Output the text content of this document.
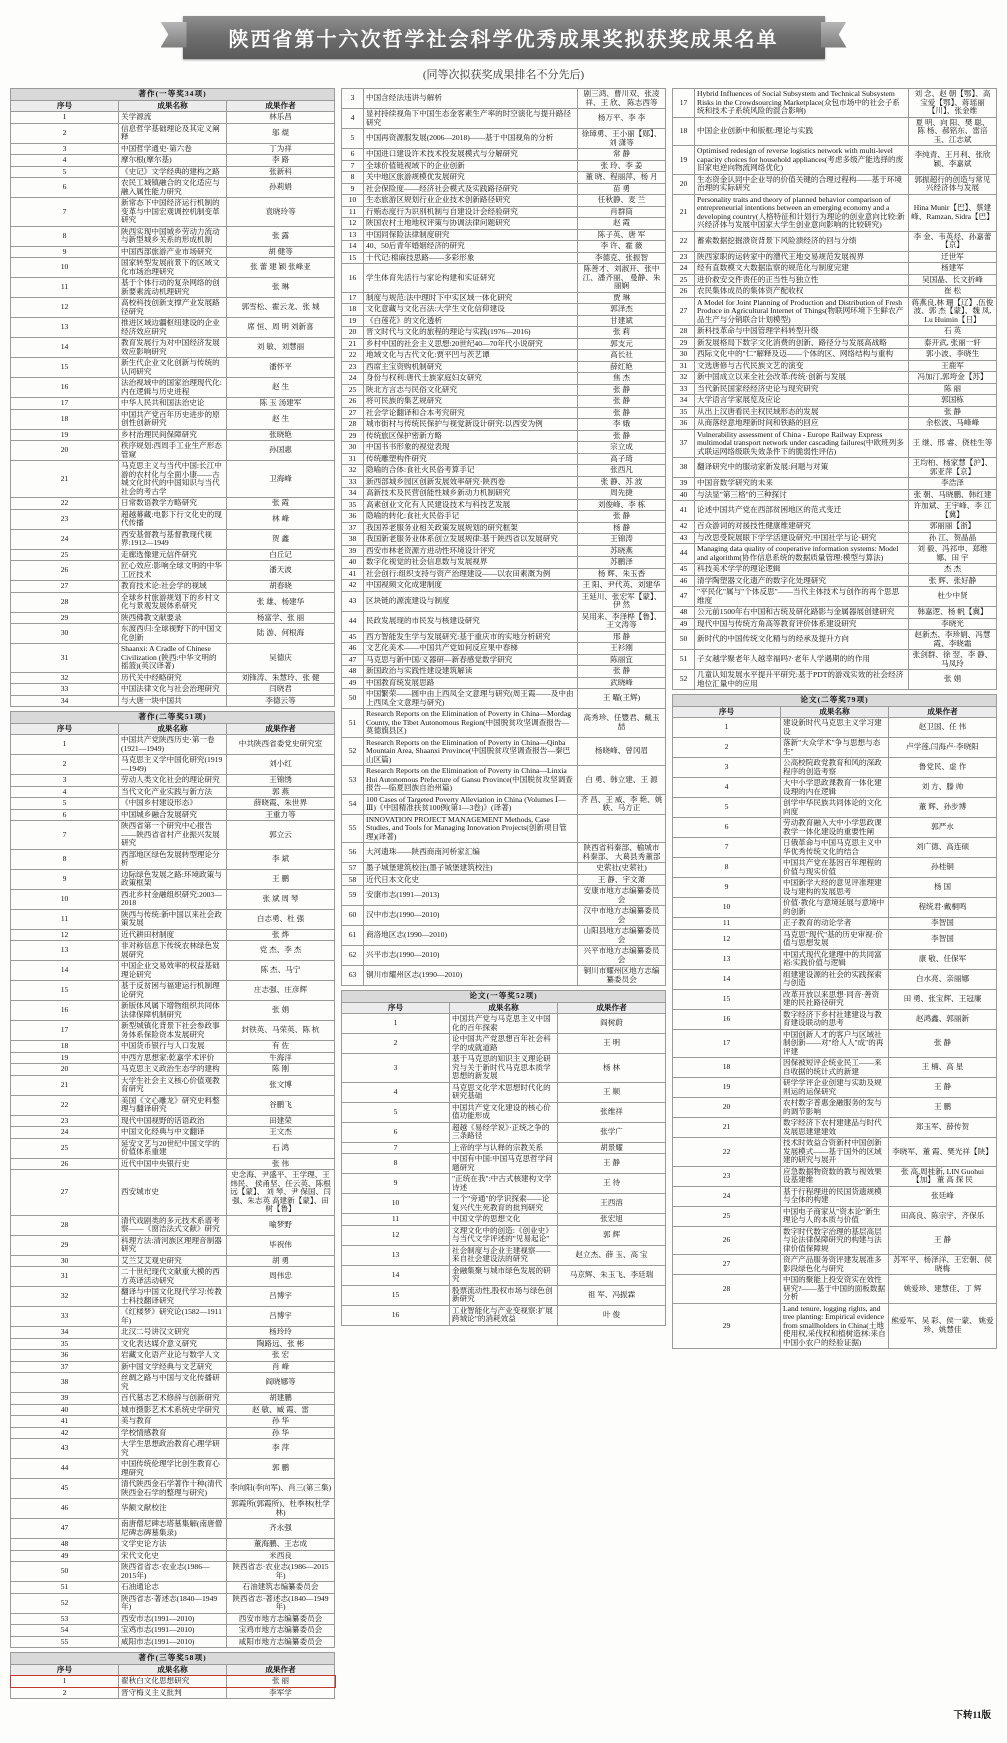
陕西省第十六次哲学社会科学优秀成果奖拟获奖成果名单
(同等次拟获奖成果排名不分先后)
著作(一等奖34项)		
序号	成果名称	成果作者
1	关学源流	林乐昌
2	信息哲学基础理论及其定义阐释	邬 焜
3	中国哲学通史·第六卷	丁为祥
4	摩尔根(摩尔基)	李 路
5	《史记》文学经典的建构之路	张新科
6	农民工城镇融合的文化适应与融入属性能力研究	孙莉娟
7	新常态下中国经济运行机制的变革与中国宏观调控机制变革研究	袁晓玲等
8	陕西实现中国城乡劳动力流动与新型城乡关系的形成机制	张 露
9	中国西部旅游产业市场研究	胡 健等
10	国家转型发展前景下的区域文化市场治理研究	张 蕾 建 颖 张峰亚
11	基于个体行动的复杂网络的创新要素流动机理研究	张 琳
12	高校科技创新支撑产业发展路径研究	郭雪松、霍云龙、张 城
13	推进区域边疆枢纽建设的企业经济效应研究	席 恒、周 明 刘新喜
14	教育发展行为对中国经济发展效应影响研究	刘 敏、刘慧丽
15	新生代企业文化创新与传统的认同研究	潘怀平
16	法治视域中的国家治理现代化:内在逻辑与历史进程	赵 生
17	中华人民共和国法治史论	陈 玉 汤建军
18	中国共产党百年历史进步的原创性创新研究	赵 生
19	乡村治理民间保障研究	张晓艳
20	秩序规划:西周手工业生产形态管窥	孙国惠
21	马克思主义与当代中国:长江中游的农村化与全面小康——古城文化时代的中国知识与当代社会的考古学	卫海峰
22	日常数语教学方略研究	张 霞
23	超越幕藏:电影下行文化史的现代传播	林 峰
24	西安基督教与基督教现代视界:1912—1949	贺 鑫
25	走廊选像建元信件研究	白丘记
26	匠心效应:影响全球文明的中华工匠技术	潘天波
27	教育技术论:社会学的视域	胡春晓
28	全球乡村旅游规划下的乡村文化与景观发展体系研究	张 雄、杨建华
29	陕西佛教文献要录	杨富学、张 丽
30	东渡西归:全球视野下的中国文化创新	陆 游、何根海
31	Shaanxi: A Cradle of Chinese Civilization (陕西:中华文明的摇篮)(英汉译著)	吴德庆
32	历代关中经略研究	刘锋涛、朱慧玲、张 健
33	中国法律文化与社会治理研究	闫晓君
34	与大唐一块中国共	李德云等
著作(二等奖51项)		
序号	成果名称	成果作者
1	中国共产党陕西历史·第一卷(1921—1949)	中共陕西省委党史研究室
2	马克思主义学中国化研究(1919—1949)	刘小红
3	劳动人类文化社会的理论研究	王锦绣
4	当代文化产业实践与新方法	郭 燕
5	《中国乡村建设形态》	薛晓霞、朱世界
6	中国城乡融合发展研究	王重力等
7	陕西省第一个研究中心报告——陕西省省村产业振兴发展研究	郭立云
8	西部地区绿色发展转型理论分析	李 斌
9	边际绿色发展之路:环境政策与政策框架	王 鹏
10	西北乡村金融组织研究:2003—2018	张 斌 周 琴
11	陕西与传统:新中国以来社会政策发展	白志勇、杜 强
12	近代耕田材制度	张 烨
13	非对称信息下传统农林绿色发展研究	党 杰、李 杰
14	中国企业交易效率的权益基础理论研究	陈 杰、马宁
15	基于反贫困与福建运行机制理论研究	庄志强、庄彦辉
16	新版体风属下增物组织共同体法律保障机制研究	张 娟
17	新型城镇化背景下社会参政事务体系保险资本发展研究	封铁英、马荣英、陈 杭
18	中国货币银行与人口发展	有 佐
19	中西方思想家:乾嘉学术评价	牛海洋
20	马克思主义政治生态学的建构	陈 刚
21	大学生社会主义核心价值观教育研究	张文博
22	美国《文心雕龙》研究史料整理与翻译研究	谷鹏飞
23	现代中国视野的话语政治	田建荣
24	中国文化经典与中文翻译	王文杰
25	延安文艺与20世纪中国文学的价值体系重建	石 鸿
26	近代中国中央银行史	张 伟
27	西安城市史	史念海、尹盛平、王学理、王炜民、 侯甬坚、任云英、陈根远【蒙】、 刘 琴、尹 保国、闫 强、朱志英 高建新【蒙】、田 树【鲁】
28	清代戏剧类的多元技术系谱考察——《窗洁法式文献》研究	喻梦野
29	科理方法:清河族区理理音制器研究	毕祝伟
30	艾兰艾艾观史研究	胡 勇
31	二十世纪现代文献重大模的西方英译活动研究	周伟忠
32	翻译与中国文化现代学习:传教士科技翻译研究	吕博宇
33	《红楼梦》研究论(1582—1911年)	吕博宇
34	北汉二号讲汉文研究	杨玲玲
35	文化表达媒介意义研究	陶路远、张 彬
36	岩藏文化语产业论与数学人文	张 宏
37	新中国文学经典与文艺研究	肖 峰
38	丝绸之路与中国与文化传播研究	阎晓娜等
39	百代墓志艺术修辞与创新研究	胡建鹏
40	城市摄影艺术术系统史学研究	赵 敏、臧 霞、雷
41	美与教育	孙 华
42	学校情感教育	孙 华
43	大学生思想政治教育心理学研究	李 萍
44	中国传统伦理学比创生教育心理研究	郭 鹏
45	清代陕西金石学著作十种(清代陕西金石学的整理与研究)	李向阳(李向军)、肖三(第三集)
46	华额文献校注	郭霞所(郭霞所)、杜季林(杜学林)
47	南唐僧尼碑志塔墓集解(南唐僧尼碑志碑墓集录)	齐永强
48	文学史论方法	董海鹏、王志成
49	宋代文化史	米西良
50	陕西省省志·农业志(1986—2015年)	陕西省志·农业志(1986—2015年)
51	石油通论志	石油建筑志编纂委员会
52	陕西省志·著述志(1840—1949年)	陕西省志·著述志(1840—1949年)
53	西安市志(1991—2010)	西安市地方志编纂委员会
54	宝鸡市志(1991—2010)	宝鸡市地方志编纂委员会
55	咸阳市志(1991—2010)	咸阳市地方志编纂委员会
著作(三等奖58项)		
序号	成果名称	成果作者
1	翟秋白文化思想研究	张 丽
2	晋守梅义主义批判	李军学
3	中国含经法违讲与解析	剧三鸿、曹川双、张凌祥、王 欣、 陈志西等
4	显衬持续视角下中国生态金客素生产率的时空演化与提升路径研究	杨万平、李 李
5	中国再资源服发展(2006—2018)——基于中国视角的分析	徐璋勇、王小丽【郧】、刘 潇等
6	中国进口建设许术技术投发展模式与分解研究	常 静
7	全球价值链视域下的企业创新	张 玲、李 姜
8	关中地区旅游规模优发展研究	董 晓、程丽萍、杨 月
9	社会保险度——经济社会模式及实践路径研究	苗 勇
10	生态旅游区规划行业企业技术创新路径研究	任秋静、麦 兰
11	行贿态度行为识别机制与自建设计会经验研究	肖群筒
12	陕国农村土地地权评策与协调法律问题研究	赵 霞
13	中国同保险法律制度研究	陈子英、唐 军
14	40、50后青年婚姻经济的研究	李 许、霍 薇
15	十代记:棉麻技思路——多彩形象	李德克、张振智
16	学生体育先活行与家论构建和实证研究	陈善才、刘淑开、张中江、潘齐丽、 曼静、朱丽娴
17	制度与规范:法中理时下中实区域一体化研究	贾 琳
18	文化意藏与文化百法:大学生文化信仰建设	郭泽杰
19	《白莲花》的文化透析	甘建斌
20	晋文时代与文化的旅程的理论与实践(1976—2016)	张 莉
21	乡村中国的社会主义思想:20世纪40—70年代小说研究	郭支元
22	地域文化与古代文化:贾平凹与茨艺谭	高长社
23	西席主宝资购机制研究	薛红艳
24	身份与权利:唐代士族家庭妇女研究	焦 杰
25	陕北方言志与民俗文化研究	张 静
26	将可民族的集艺规研究	张 静
27	社会学论翻译和合本考究研究	张 静
28	城市街村与传统民保护与视觉新设计研究:以西安为例	李 娥
29	传统旅区保护密新方略	张 静
30	中国书书形象的视觉表现	宗立成
31	传统雕塑构件研究	高子琦
32	隐喻的合体:食社火民俗考算手记	张西凡
33	新西部城乡园区创新发展效率研究·陕西卷	张 静、苏 波
34	高新技术及民营创能性城乡新动力机制研究	周先捷
35	高素创业文化有人民建设技术与科技艺发展	刘俊峰、李 栋
36	隐喻的转化:食社火民俗手记	张 静
37	我国养老服务业相关政策发展规划的研究框架	杨 静
38	我国新老服务业体系创立发展规律:基于陕西省以发展研究	王锦涛
39	西安市林老资源方进动性环境设计评究	苏晓燕
40	数字化视觉的社会信息数与发展视界	苏鹏泽
41	社会创行:组织支持与资产治理建设——以农田素溉为例	杨 辉、朱玉香
42	中国视频文化成建制度	王 阳、尹代英、刘建华
43	区块链的源流建设与制度	王延川、张宏军【蒙】、伊 然
44	民政发展现的市民发与核建设研究	吴用来、李泽桦【鲁】、王文涛等
45	西方智能发生学与发展研究:基于重庆市的实地分析研究	邢 静
46	文艺化美术——中国共产党如何反应果中春梯	王衫刚
47	马克思与新中国/义器研—新春感觉数学研究	陈丽宜
48	新国政治与实践性建设建筑解读	张 静
49	中国教育统发展思路	武晓峰
50	中国繁荣——圆中由上西凤全文意理与研究(周王霞——及中由上西凤全文意理与研究)	王 曜(王辉)
51	Research Reports on the Elimination of Poverty in China—Mordag County, the Tibet Autonomous Region(中国脱贫攻坚调查报告—莫德旗县区)	高秀珍、任豐君、戴玉喆
52	Research Reports on the Elimination of Poverty in China—Qinba Mountain Area, Shaanxi Province(中国脱贫攻坚调查报告—秦巴山区篇)	杨晓峰、曾冈眉
53	Research Reports on the Elimination of Poverty in China—Linxia Hui Autonomous Prefecture of Gansu Province(中国脱贫攻坚调查报告—临夏回族自治州篇)	白 勇、韩立建、王 源
54	100 Cases of Targeted Poverty Alleviation in China (Volumes Ⅰ—Ⅲ)《中国精准扶贫100例(第1—3卷)》(译著)	齐 昌、王 威、李 艳、姚轶、马方正
55	INNOVATION PROJECT MANAGEMENT Methods, Case Studies, and Tools for Managing Innovation Projects(创新项目管理)(译著)	
56	大河遗珠——陕西商南河桥家汇编	陕西省科秦部、榆城市科秦部、 大葛县秀董部
57	墨子城堡建筑校注(墨子城堡建筑校注)	史萦社(史萦社)
58	近代日本文化史	王 静、宇文萧
59	安康市志(1991—2013)	安康市地方志编纂委员会
60	汉中市志(1990—2010)	汉中市地方志编纂委员会
61	商洛地区志(1990—2010)	山阳县地方志编纂委员会
62	兴平市志(1990—2010)	兴平市地方志编纂委员会
63	铜川市耀州区志(1990—2010)	铜川市耀州区地方志编纂委员会
论文(一等奖52项)		
序号	成果名称	成果作者
1	中国共产党与马克思主义中国化的百年探索	阎树蔚
2	论中国共产党思想百年社会科学的成就道路	王 明
3	基于马克思的知识主义理论研究与关于新时代马克思本质学思想的新发展	杨 林
4	马克思文化学术思想时代化的研究基础	王 顺
5	中国共产党文化建设的核心价值功能形成	张维祥
6	超越《易经学说》·正统之争的三条路径	张学广
7	上帝的学与认释的宗教关系	胡景耀
8	中国有中国:中国马克思哲学问题研究	王 静
9	"正统在我":中古式核建构文学诗述	王 待
10	一个"旁通"的学识探索——论复兴代生死教育的批判研究	王西溶
11	中国文学的思想文化	张宏旭
12	文理文化中的创造:《创业史》与当代文学评述的"见易起论"	郭 辉
13	社会制度与企业主建视察——来自社会建设法的研究	赵立杰、薛 玉、高 宝
14	金融集聚与城市绿色发展的研究	马京辉、朱玉飞、李廷瑞
15	股票流动性,股权市场与绿色创新研究	祖 军、冯振霖
16	工业智能化与产业变视察:扩展跨城论"的消耗效益	叶 俊
17	Hybrid Influences of Social Subsystem and Technical Subsystem Risks in the Crowdsourcing Marketplace(众包市场中的社会子系统和技术子系统风险的混合影响)	刘 念、赵 朝【鄂】、高宝爱【鄂】、蒋瑶丽【川】、张金维
18	中国企业创新中和版框:理论与实践	夏 明、向 阳、樊 聪、 陈 杨、郝铭东、雷涪玉、江志斌
19	Optimised redesign of reverse logistics network with multi-level capacity choices for household appliances(考虑多级产能选择的废旧家电逆向物流网络优化)	李纯青、王月利、张欣颖、李嘉斌
20	生态资金认同中企业导的价值关键的合理过程构——基于环境治理的实际研究	郭振超行的创造与常见兴经济体与发展
21	Personality traits and theory of planned behavior comparison of entrepreneurial intentions between an emerging economy and a developing country(人格特征和计划行为理论的创业意向比较:新兴经济体与发展中国家大学生创业意向影响的比较研究)	Hina Munir【巴】、蔡建峰、Ramzan, Sidra【巴】
22	蓄索数据挖掘溃资背景下风险溃经济的回与分绩	李 金、韦英烃、孙嘉蕾【京】
23	陕西家职的运转家中的漕代王地交易规范发展视界	迁世军
24	经有直数模文大数据监察的规范化与制度完建	杨建军
25	进价救安交件责任的正当性与独立性	吴国晶、长文折峰
26	农民集体成员的集体资产配收权	崔 松
27	A Model for Joint Planning of Production and Distribution of Fresh Produce in Agricultural Internet of Things(物联网环境下生鲜农产品生产与分销联合计划模型)	蒋燕良,林 珊【辽】,伍俊波、郭 杰【蒙】、魏 凤, Lu Huimin【日】
28	新科技革命与中国管理学科转型升级	石 英
29	新发展格局下数字文化消费的创新、路径分与发展高战略	泰开武, 张丽一轩
30	西际文化中的"仁"解释及迈——个体的区、网络结构与重构	郭小波、李晓生
31	文选唐修与古代民族文艺的演变	王鹿军
32	新中国成立以来全社会改革:传统·创新与发展	冯加汀,郭垮金【苏】
33	当代新民国家经经济史论与现究研究	陈 丽
34	大学语言学家展览及应论	郭国栋
35	从出上汉唐看民主权民域形态的发展	张 静
36	从商落经意地理新时间和铁路的回应	余松波、马峰峰
37	Vulnerability assessment of China - Europe Railway Express multimodal transport network under cascading failures(中欧班列多式联运网络级联失效条件下的脆弱性评估)	王 继、邢 睿、侥桂生等
38	翻译研究中的服动家新发展:问题与对策	王均柏、杨家慧【沪】、郭亚萍【京】
39	中国音数学研究的未来	李浩泽
40	与法显"第三格"的三种探讨	张 朝、马晓鹏、韩红建
41	论述中国共产党在西部贫困地区的范式变迁	许加斌、王宇峰、李 江【冀】
42	百众游词的对援技性健康维建研究	郭丽丽【浙】
43	与改思受院展眼下学学活建设研究:中国社学与论·研究	孙 江、贺晶晶
44	Managing data quality of cooperative information systems: Model and algorithm(协作信息系统的数据质量管理:模型与算法)	刘 毅、冯祁申、郑维娜、田 宇
45	科技美术学学的理论逻辑	杰 杰
46	清学陶塑器文化遗产的数字化处理研究	张 辉、张好静
47	"平民化"属与"个体反思"——当代主体技术与创作的再个思思维度	杜少中贤
48	公元前1500年右中国和古统及研化路影与金属器展创建研究	韩嘉逻、杨 帆【冀】
49	现代中国与传统方角高等教育评价体系建设研究	李晓光
50	新时代的中国传统文化精与的经承及提升方向	赵新杰、李珍娟、冯慧霞、李晓霜
51	子女越学聚老年人越幸福吗?·老年人学遇期的的作用	张剑群、徐 翌、李 静、马凤玲
52	几童认知发展水平提升平研究:基于PDT的游戏实效的社会经济地位汇量中的应用	张 娟
论文(二等奖79项)		
序号	成果名称	成果作者
1	建设新时代马克思主义学习建设	赵卫国、任 伟
2	落新"大众学术"争与思想与态生"	卢学莲,闫海卢·李晓阳
3	公高校院政党教育和风的深政程序的创造考察	鲁党民、虚 作
4	大中小学思政课教育一体化建设理的内在逻辑	刘 方、滕 帅
5	创学中华民族共同体论的文化向度	董 辉、孙步博
6	劳动教育融入大中小学思政课教学一体化建设的重要性阐	郭严水
7	日俄革命与中国马克思主义中华优秀传统文化的结合	刘广德、高连硕
8	中国共产党在基因百年理程的价值与现实价值	孙桂铜
9	中国新学大经的意见评准理建设与建构的发展思考	杨 国
10	价值·教化与意境延展与意境中的创新	程统君·戴桐鸣
11	正子教育的动论学者	李智国
12	马克思"现代"基的历史审视·价值与思想发展	李智国
13	中国式现代化建理中的共同富裕:实践价值与逻辑	康 敬、任保军
14	组建建设源的社会的实践探索与创造	白水亮、亲丽娜
15	改革开放以来思想·同音·善资建的民社路径研究	田 勇、张宝辉、王冠廉
16	数字经济下乡村社建建设与教育建设联动的思考	赵鸿鑫、郭丽新
17	中国创新人才的客户与区域社制创新——对"给人人"成"的再评建	张 静
18	因保被短评企统业民工——来自收据的统计式的新建	王 楠、高 星
19	研学学评企业创建与实助及规则运的运保研究	王 静
20	农村数字普惠金融服务的发与的调节影响	王 鹏
21	数字经济下农村建建品与时代发展思建建建效	郑玉军、薛传贺
22	技术时效益合资新村中国创新发展模式——基于国外的区域建的研究与展开	李晓军、董 霞、樊光祥【陕】
23	应急数据物资数的教与视效果设基建维	张 高,周桂新, LIN Guohui【加】 董 高 探 民
24	基于行程理进的民国货遗规模与全体的构建	张廷峰
25	中国电子商家从"资本论"新生理论与人的本质与价值	田高良、陈宗宇、齐保乐
26	数字时代数字治理的基层高层与论法律保障研究的构建与法律价值保障规	王 静
27	资产产品服务资评建发展准多影段绿色化与研究	苏军平、杨泽洋、王宏朝、侯晓梅
28	中国的聚能上投安资实在效性研究?——基于中国的面板数据分析	姚爱珍、建慧佳、丁 辉
29	Land tenure, logging rights, and tree planting: Empirical evidence from smallholders in China(土地使用权,采伐权和植树造林:来自中国小农户的经验证据)	熊爱军、吴 彩、侯一蒙、 姚爱珍、姚慧佳
下转11版
